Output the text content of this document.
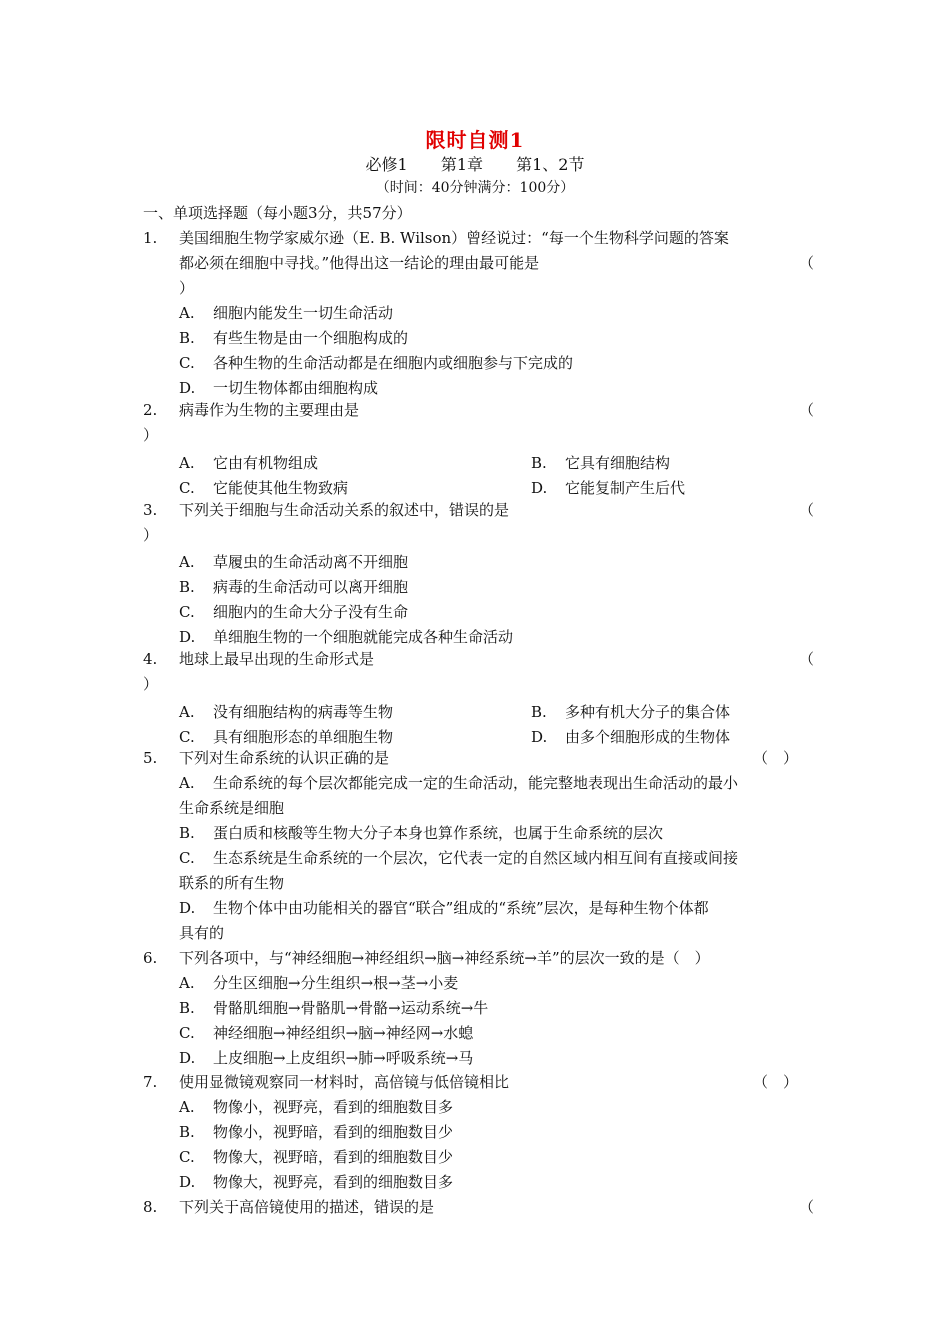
限时自测1
必修1 第1章 第1、2节
（时间：40分钟满分：100分）
一、单项选择题（每小题3分，共57分）
1. 美国细胞生物学家威尔逊（E. B. Wilson）曾经说过：“每一个生物科学问题的答案
都必须在细胞中寻找。”他得出这一结论的理由最可能是	（
）
A. 细胞内能发生一切生命活动
B. 有些生物是由一个细胞构成的
C. 各种生物的生命活动都是在细胞内或细胞参与下完成的
D. 一切生物体都由细胞构成
2. 病毒作为生物的主要理由是	（
）
A. 它由有机物组成	B. 它具有细胞结构
C. 它能使其他生物致病	D. 它能复制产生后代
3. 下列关于细胞与生命活动关系的叙述中，错误的是	（
）
A. 草履虫的生命活动离不开细胞
B. 病毒的生命活动可以离开细胞
C. 细胞内的生命大分子没有生命
D. 单细胞生物的一个细胞就能完成各种生命活动
4. 地球上最早出现的生命形式是	（
）
A. 没有细胞结构的病毒等生物	B. 多种有机大分子的集合体
C. 具有细胞形态的单细胞生物	D. 由多个细胞形成的生物体
5. 下列对生命系统的认识正确的是	（　）
A. 生命系统的每个层次都能完成一定的生命活动，能完整地表现出生命活动的最小
生命系统是细胞
B. 蛋白质和核酸等生物大分子本身也算作系统，也属于生命系统的层次
C. 生态系统是生命系统的一个层次，它代表一定的自然区域内相互间有直接或间接
联系的所有生物
D. 生物个体中由功能相关的器官“联合”组成的“系统”层次，是每种生物个体都
具有的
6. 下列各项中，与“神经细胞→神经组织→脑→神经系统→羊”的层次一致的是（　）
A. 分生区细胞→分生组织→根→茎→小麦
B. 骨骼肌细胞→骨骼肌→骨骼→运动系统→牛
C. 神经细胞→神经组织→脑→神经网→水螅
D. 上皮细胞→上皮组织→肺→呼吸系统→马
7. 使用显微镜观察同一材料时，高倍镜与低倍镜相比	（　）
A. 物像小，视野亮，看到的细胞数目多
B. 物像小，视野暗，看到的细胞数目少
C. 物像大，视野暗，看到的细胞数目少
D. 物像大，视野亮，看到的细胞数目多
8. 下列关于高倍镜使用的描述，错误的是	（
